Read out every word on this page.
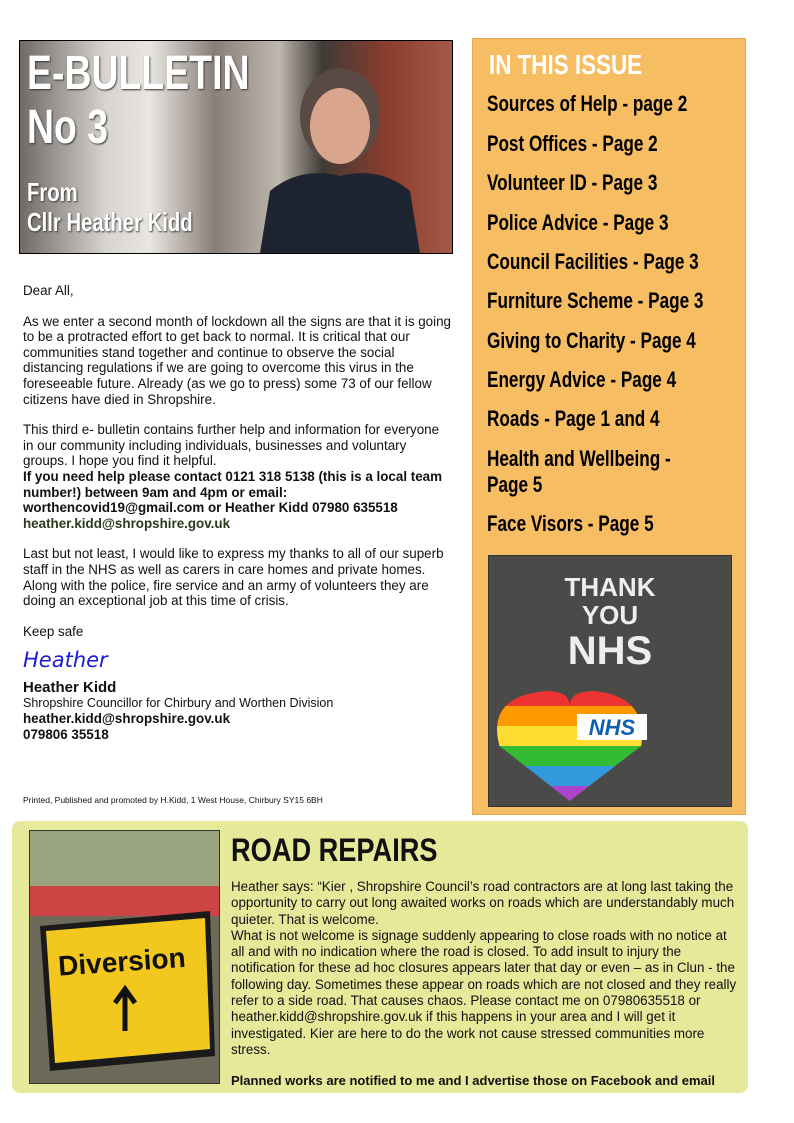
E-BULLETIN
No 3
From
Cllr Heather Kidd

Dear All,

As we enter a second month of lockdown all the signs are that it is going to be a protracted effort to get back to normal. It is critical that our communities stand together and continue to observe the social distancing regulations if we are going to overcome this virus in the foreseeable future. Already (as we go to press) some 73 of our fellow citizens have died in Shropshire.

This third e- bulletin contains further help and information for everyone in our community including individuals, businesses and voluntary groups. I hope you find it helpful.

If you need help please contact 0121 318 5138 (this is a local team number!) between 9am and 4pm or email: worthencovid19@gmail.com or Heather Kidd 07980 635518

heather.kidd@shropshire.gov.uk

Last but not least, I would like to express my thanks to all of our superb staff in the NHS as well as carers in care homes and private homes. Along with the police, fire service and an army of volunteers they are doing an exceptional job at this time of crisis.

Keep safe

Heather

Heather Kidd

Shropshire Councillor for Chirbury and Worthen Division

heather.kidd@shropshire.gov.uk

079806 35518

Printed, Published and promoted by H.Kidd, 1 West House, Chirbury SY15 6BH
IN THIS ISSUE
Sources of Help - page 2
Post Offices - Page 2
Volunteer ID - Page 3
Police Advice - Page 3
Council Facilities - Page 3
Furniture Scheme - Page 3
Giving to Charity - Page 4
Energy Advice - Page 4
Roads - Page 1 and 4
Health and Wellbeing -
Page 5
Face Visors - Page 5
THANK
YOU
NHS
NHS
Diversion
ROAD REPAIRS

Heather says: “Kier , Shropshire Council’s road contractors are at long last taking the opportunity to carry out long awaited works on roads which are understandably much quieter. That is welcome.

What is not welcome is signage suddenly appearing to close roads with no notice at all and with no indication where the road is closed. To add insult to injury the notification for these ad hoc closures appears later that day or even – as in Clun - the following day. Sometimes these appear on roads which are not closed and they really refer to a side road. That causes chaos. Please contact me on 07980635518 or heather.kidd@shropshire.gov.uk if this happens in your area and I will get it investigated. Kier are here to do the work not cause stressed communities more stress.

Planned works are notified to me and I advertise those on Facebook and email
